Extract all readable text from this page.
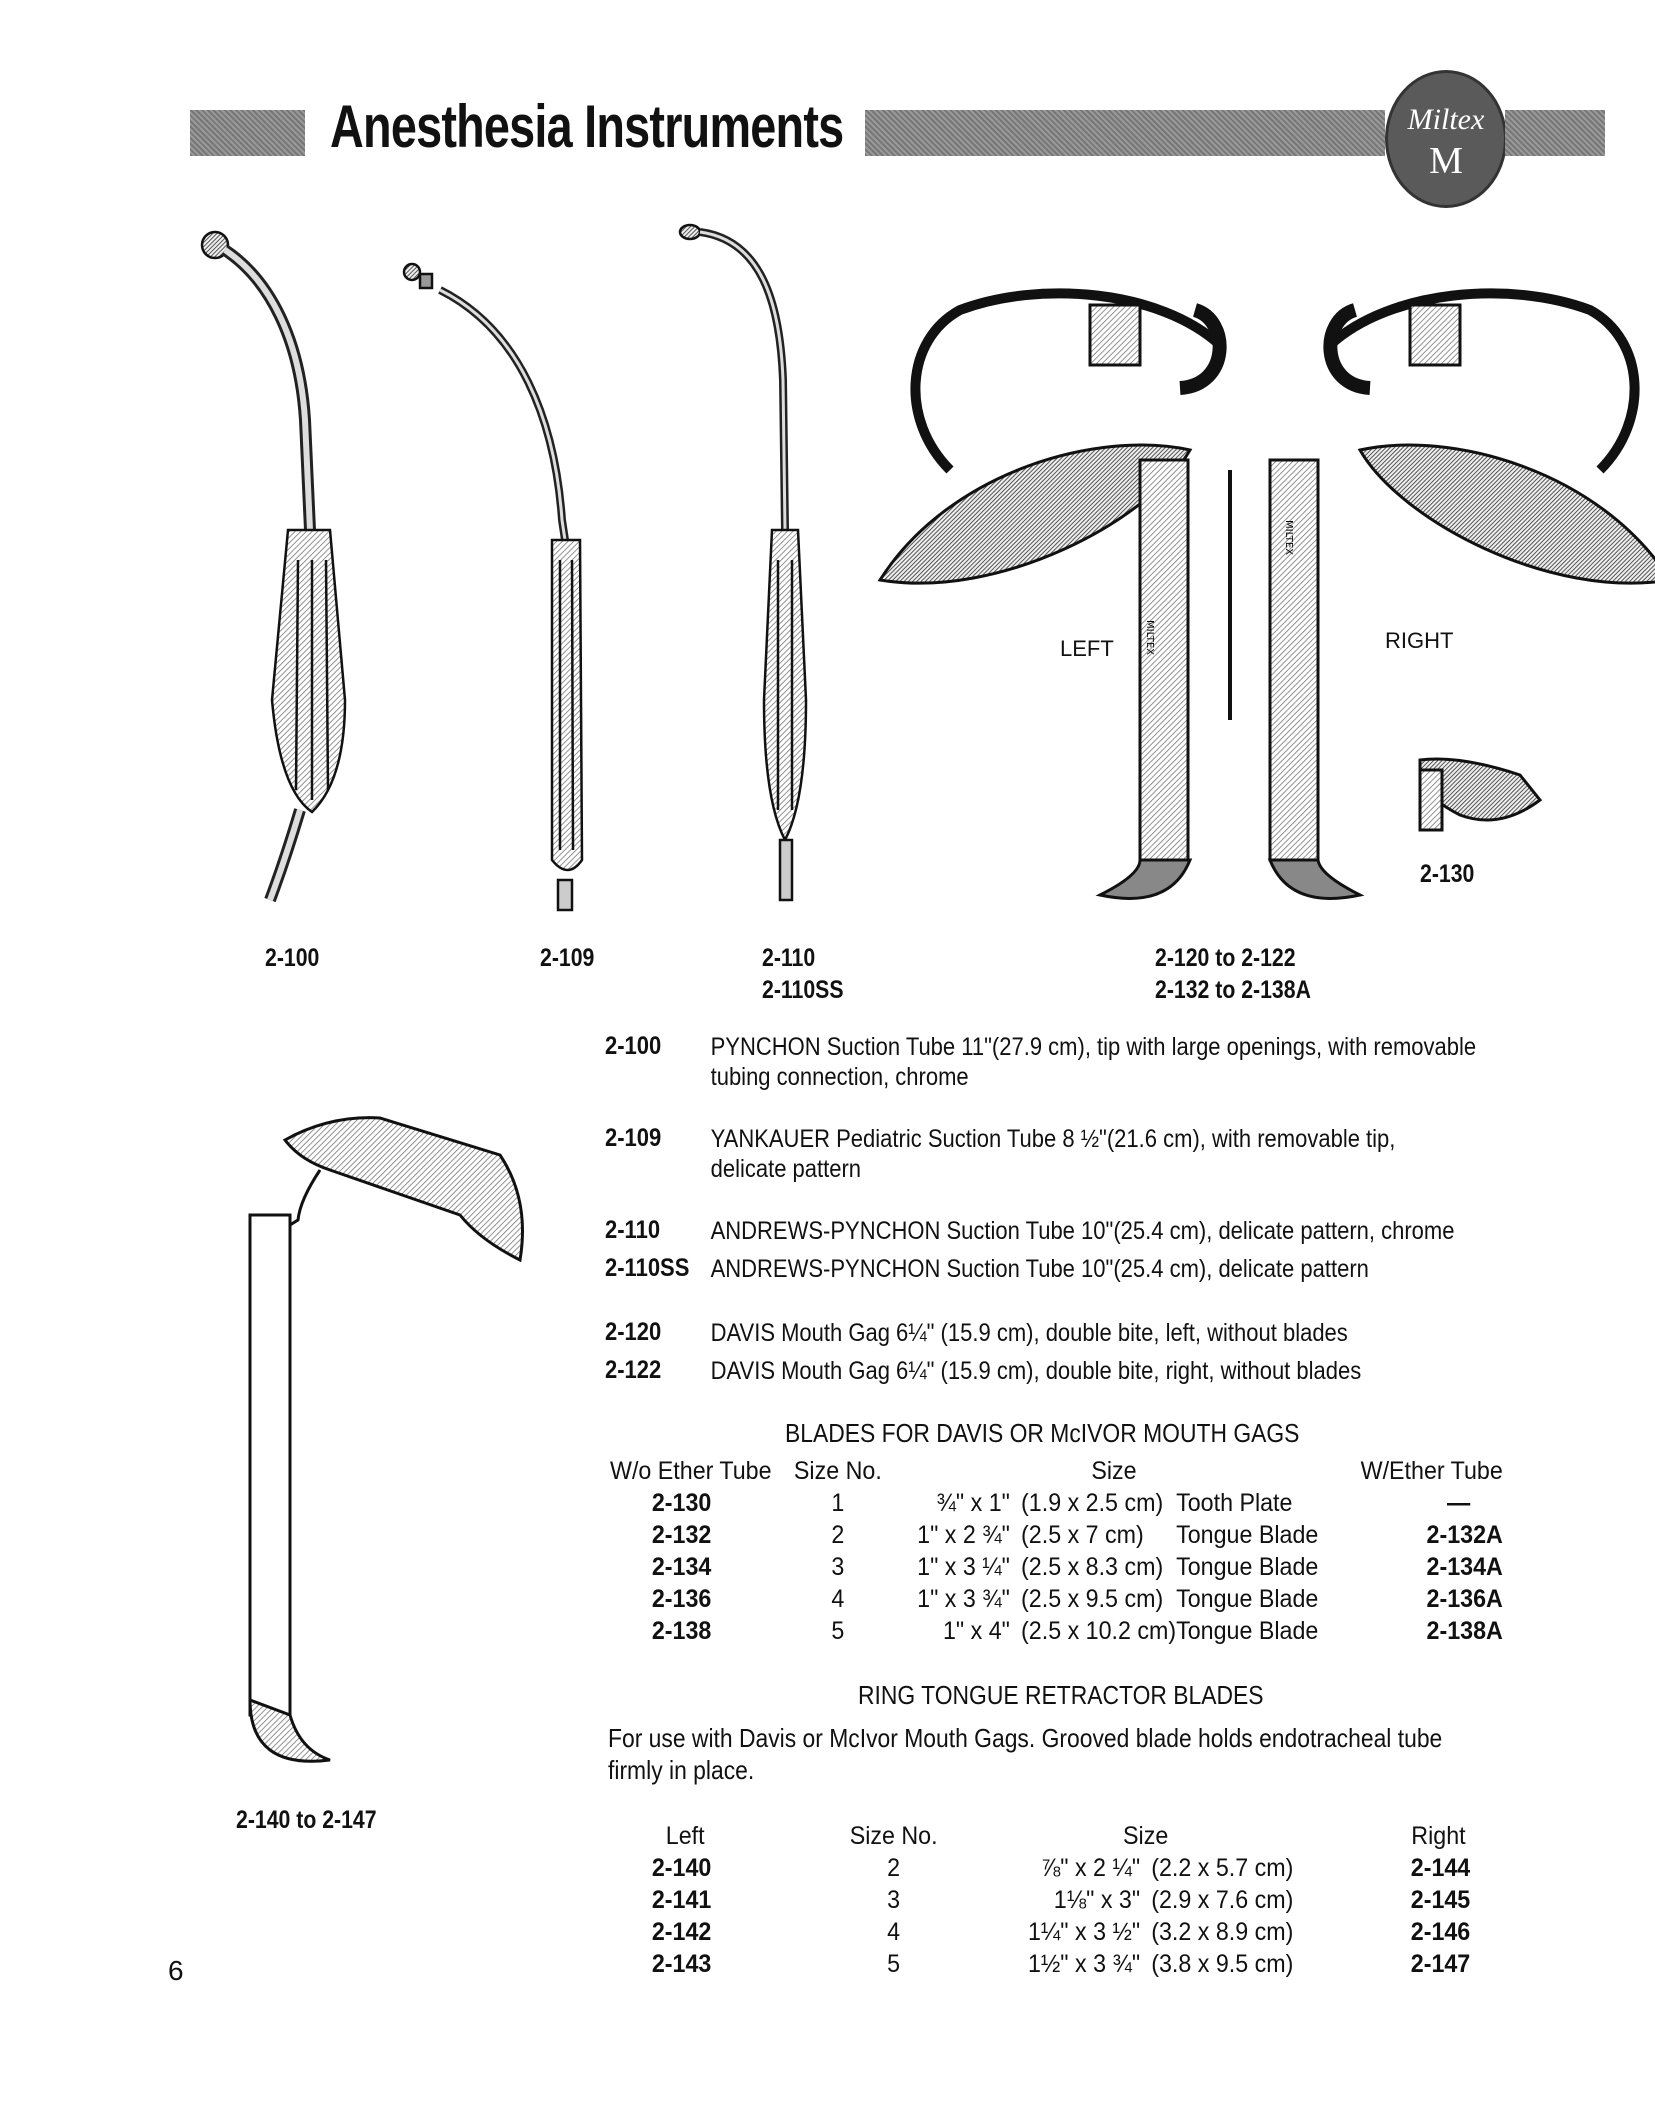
Anesthesia Instruments	Miltex
M
MILTEX
MILTEX
LEFT	RIGHT
2-100	2-109	2-110
2-110SS
2-120 to 2-122
2-132 to 2-138A
2-130
2-140 to 2-147
2-100 PYNCHON Suction Tube 11"(27.9 cm), tip with large openings, with removable tubing connection, chrome
2-109 YANKAUER Pediatric Suction Tube 8 ½"(21.6 cm), with removable tip, delicate pattern
2-110 ANDREWS-PYNCHON Suction Tube 10"(25.4 cm), delicate pattern, chrome
2-110SS ANDREWS-PYNCHON Suction Tube 10"(25.4 cm), delicate pattern
2-120 DAVIS Mouth Gag 6¼" (15.9 cm), double bite, left, without blades
2-122 DAVIS Mouth Gag 6¼" (15.9 cm), double bite, right, without blades
BLADES FOR DAVIS OR McIVOR MOUTH GAGS
W/o Ether Tube	Size No.	Size			W/Ether Tube
2-130	1	¾" x 1"	(1.9 x 2.5 cm)	Tooth Plate	—
2-132	2	1" x 2 ¾"	(2.5 x 7 cm)	Tongue Blade	2-132A
2-134	3	1" x 3 ¼"	(2.5 x 8.3 cm)	Tongue Blade	2-134A
2-136	4	1" x 3 ¾"	(2.5 x 9.5 cm)	Tongue Blade	2-136A
2-138	5	1" x 4"	(2.5 x 10.2 cm)	Tongue Blade	2-138A
RING TONGUE RETRACTOR BLADES
For use with Davis or McIvor Mouth Gags. Grooved blade holds endotracheal tube firmly in place.
Left	Size No.	Size		Right
2-140	2	⅞" x 2 ¼"	(2.2 x 5.7 cm)	2-144
2-141	3	1⅛" x 3"	(2.9 x 7.6 cm)	2-145
2-142	4	1¼" x 3 ½"	(3.2 x 8.9 cm)	2-146
2-143	5	1½" x 3 ¾"	(3.8 x 9.5 cm)	2-147
6
